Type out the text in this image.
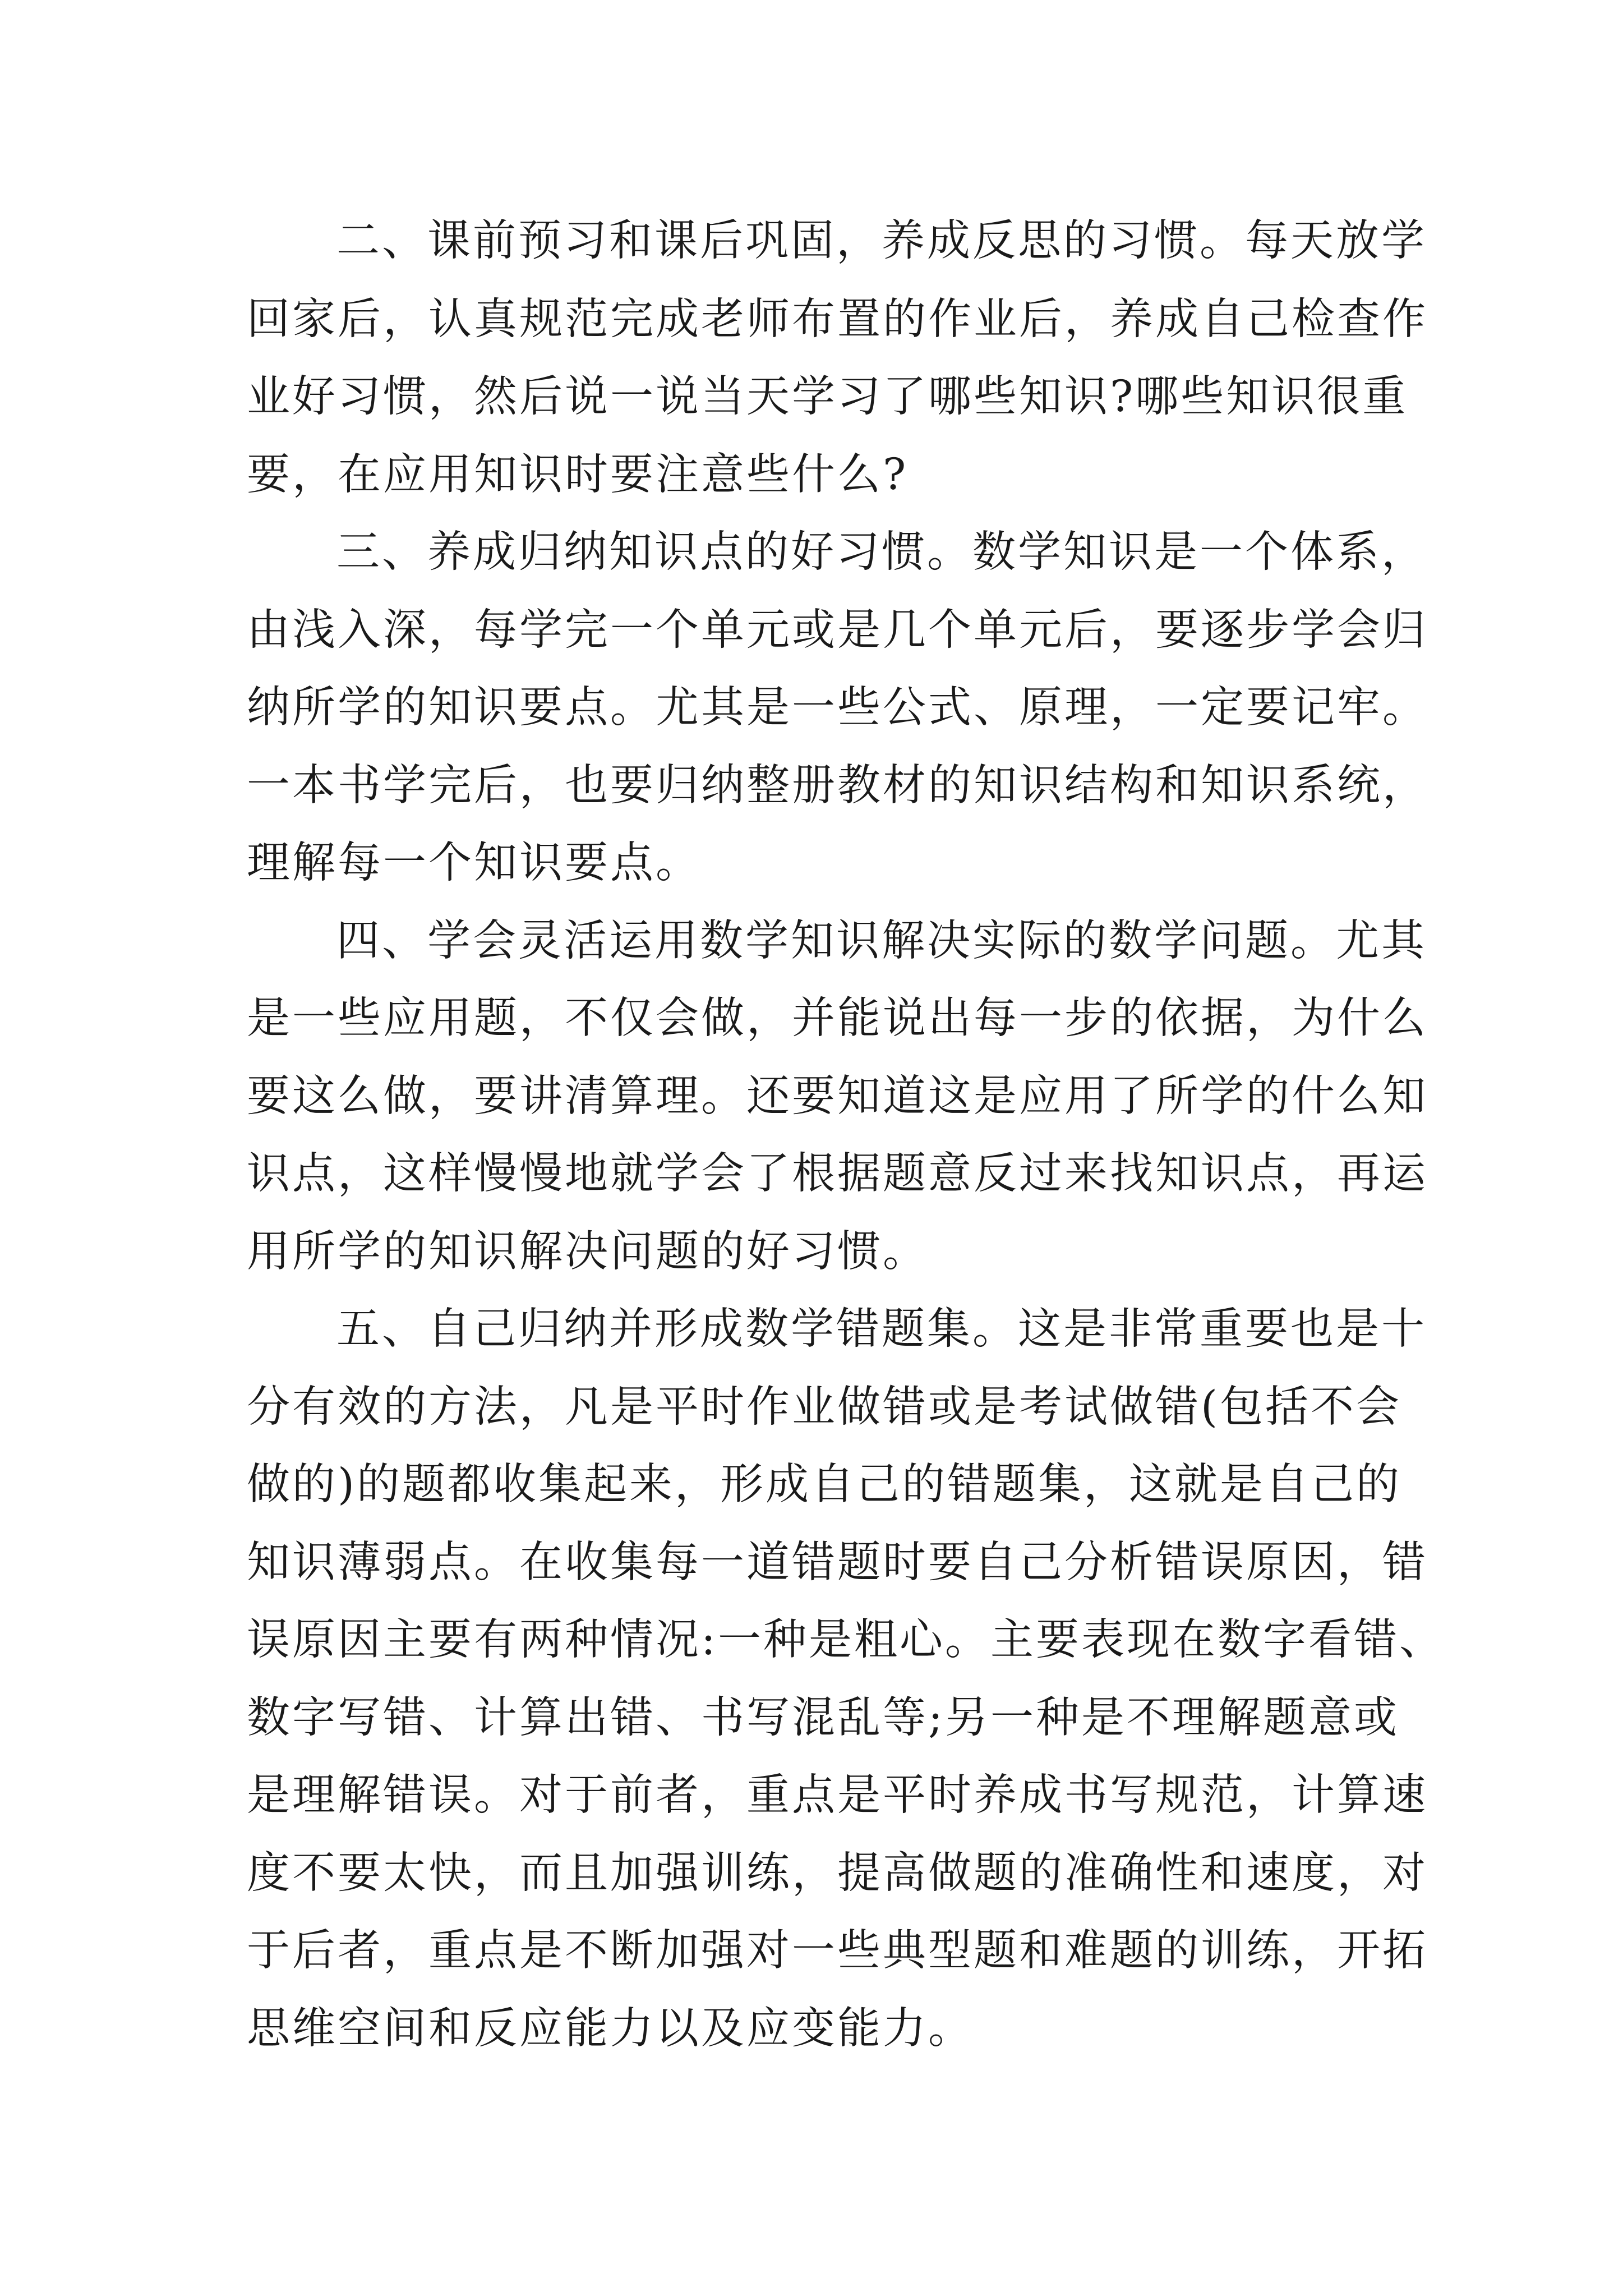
二、课前预习和课后巩固，养成反思的习惯。每天放学

回家后，认真规范完成老师布置的作业后，养成自己检查作

业好习惯，然后说一说当天学习了哪些知识?哪些知识很重

要，在应用知识时要注意些什么?

三、养成归纳知识点的好习惯。数学知识是一个体系，

由浅入深，每学完一个单元或是几个单元后，要逐步学会归

纳所学的知识要点。尤其是一些公式、原理，一定要记牢。

一本书学完后，也要归纳整册教材的知识结构和知识系统，

理解每一个知识要点。

四、学会灵活运用数学知识解决实际的数学问题。尤其

是一些应用题，不仅会做，并能说出每一步的依据，为什么

要这么做，要讲清算理。还要知道这是应用了所学的什么知

识点，这样慢慢地就学会了根据题意反过来找知识点，再运

用所学的知识解决问题的好习惯。

五、自己归纳并形成数学错题集。这是非常重要也是十

分有效的方法，凡是平时作业做错或是考试做错(包括不会

做的)的题都收集起来，形成自己的错题集，这就是自己的

知识薄弱点。在收集每一道错题时要自己分析错误原因，错

误原因主要有两种情况:一种是粗心。主要表现在数字看错、

数字写错、计算出错、书写混乱等;另一种是不理解题意或

是理解错误。对于前者，重点是平时养成书写规范，计算速

度不要太快，而且加强训练，提高做题的准确性和速度，对

于后者，重点是不断加强对一些典型题和难题的训练，开拓

思维空间和反应能力以及应变能力。
